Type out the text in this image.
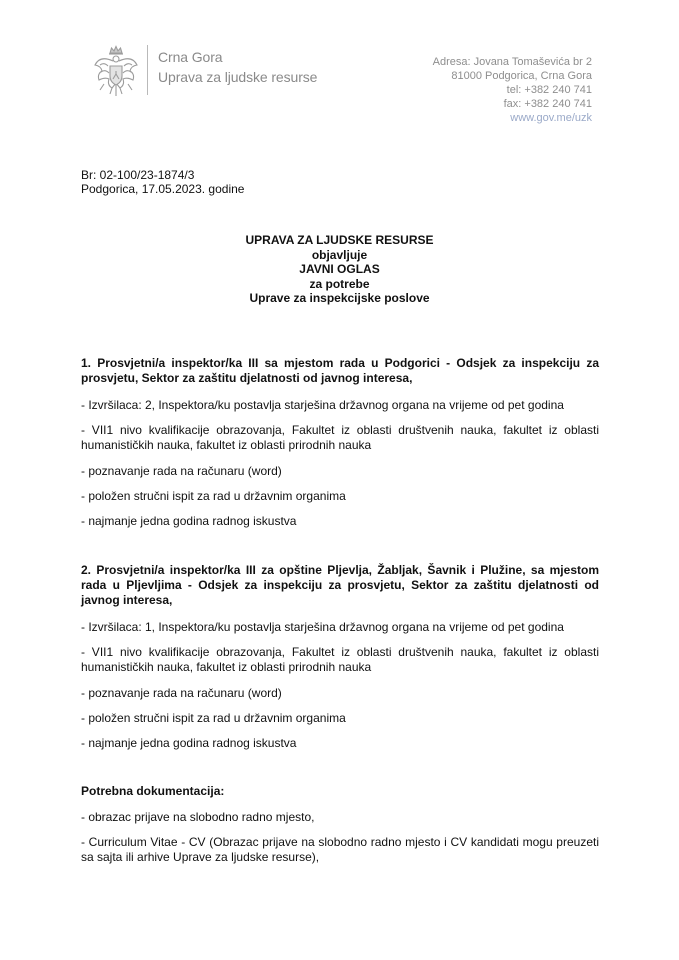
Crna Gora
Uprava za ljudske resurse
Adresa: Jovana Tomaševića br 2
81000 Podgorica, Crna Gora
tel: +382 240 741
fax: +382 240 741
www.gov.me/uzk
Br: 02-100/23-1874/3
Podgorica, 17.05.2023. godine
UPRAVA ZA LJUDSKE RESURSE
objavljuje
JAVNI OGLAS
za potrebe
Uprave za inspekcijske poslove
1. Prosvjetni/a inspektor/ka III sa mjestom rada u Podgorici - Odsjek za inspekciju za prosvjetu, Sektor za zaštitu djelatnosti od javnog interesa,
- Izvršilaca: 2, Inspektora/ku postavlja starješina državnog organa na vrijeme od pet godina
- VII1 nivo kvalifikacije obrazovanja, Fakultet iz oblasti društvenih nauka, fakultet iz oblasti humanističkih nauka, fakultet iz oblasti prirodnih nauka
- poznavanje rada na računaru (word)
- položen stručni ispit za rad u državnim organima
- najmanje jedna godina radnog iskustva
2. Prosvjetni/a inspektor/ka III za opštine Pljevlja, Žabljak, Šavnik i Plužine, sa mjestom rada u Pljevljima - Odsjek za inspekciju za prosvjetu, Sektor za zaštitu djelatnosti od javnog interesa,
- Izvršilaca: 1, Inspektora/ku postavlja starješina državnog organa na vrijeme od pet godina
- VII1 nivo kvalifikacije obrazovanja, Fakultet iz oblasti društvenih nauka, fakultet iz oblasti humanističkih nauka, fakultet iz oblasti prirodnih nauka
- poznavanje rada na računaru (word)
- položen stručni ispit za rad u državnim organima
- najmanje jedna godina radnog iskustva
Potrebna dokumentacija:
- obrazac prijave na slobodno radno mjesto,
- Curriculum Vitae - CV (Obrazac prijave na slobodno radno mjesto i CV kandidati mogu preuzeti sa sajta ili arhive Uprave za ljudske resurse),
